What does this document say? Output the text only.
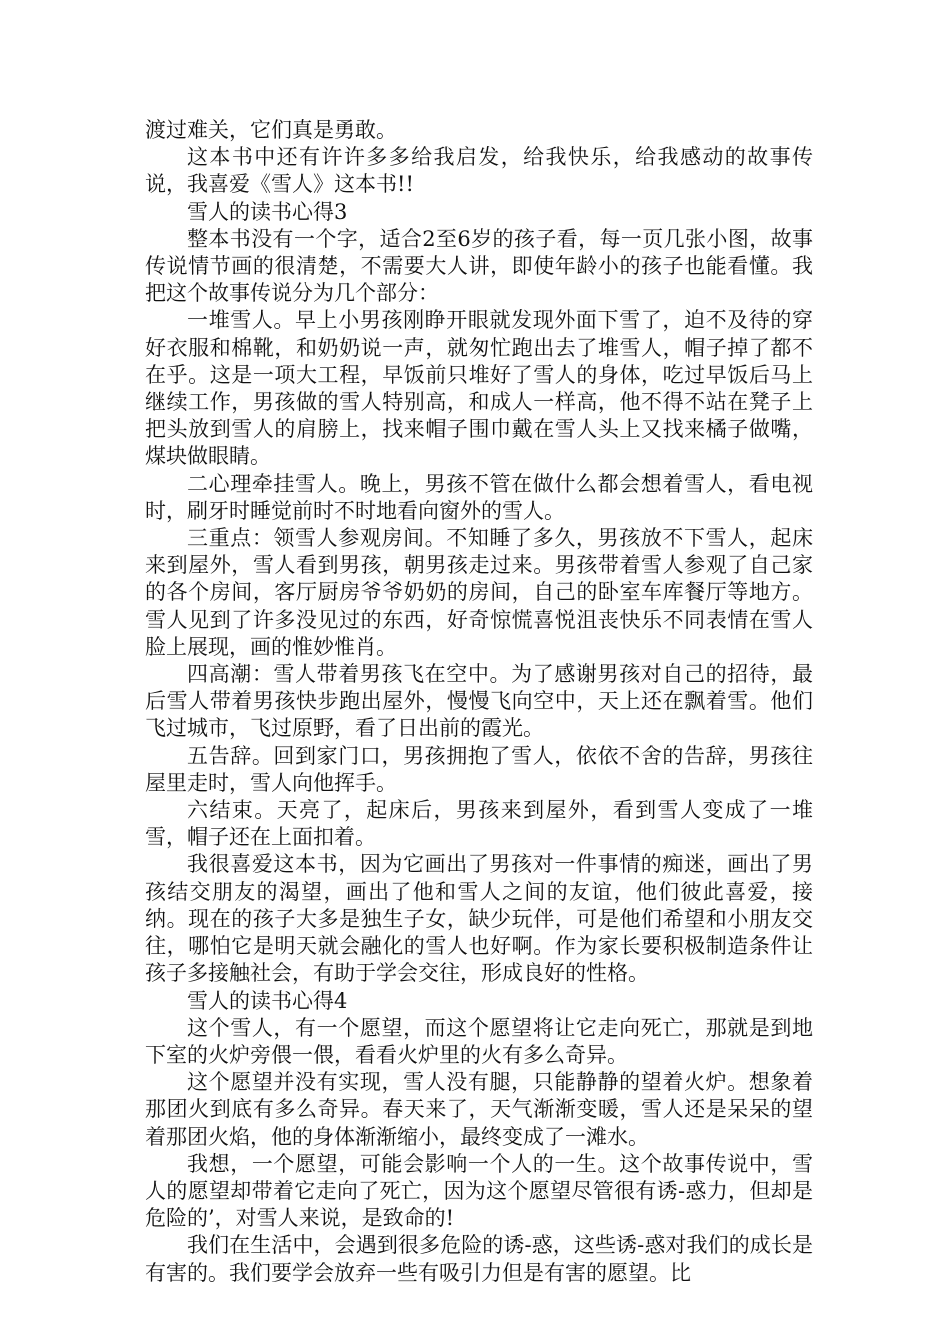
渡过难关，它们真是勇敢。

这本书中还有许许多多给我启发，给我快乐，给我感动的故事传说，我喜爱《雪人》这本书!!

雪人的读书心得3

整本书没有一个字，适合2至6岁的孩子看，每一页几张小图，故事传说情节画的很清楚，不需要大人讲，即使年龄小的孩子也能看懂。我把这个故事传说分为几个部分：

一堆雪人。早上小男孩刚睁开眼就发现外面下雪了，迫不及待的穿好衣服和棉靴，和奶奶说一声，就匆忙跑出去了堆雪人，帽子掉了都不在乎。这是一项大工程，早饭前只堆好了雪人的身体，吃过早饭后马上继续工作，男孩做的雪人特别高，和成人一样高，他不得不站在凳子上把头放到雪人的肩膀上，找来帽子围巾戴在雪人头上又找来橘子做嘴，煤块做眼睛。

二心理牵挂雪人。晚上，男孩不管在做什么都会想着雪人，看电视时，刷牙时睡觉前时不时地看向窗外的雪人。

三重点：领雪人参观房间。不知睡了多久，男孩放不下雪人，起床来到屋外，雪人看到男孩，朝男孩走过来。男孩带着雪人参观了自己家的各个房间，客厅厨房爷爷奶奶的房间，自己的卧室车库餐厅等地方。雪人见到了许多没见过的东西，好奇惊慌喜悦沮丧快乐不同表情在雪人脸上展现，画的惟妙惟肖。

四高潮：雪人带着男孩飞在空中。为了感谢男孩对自己的招待，最后雪人带着男孩快步跑出屋外，慢慢飞向空中，天上还在飘着雪。他们飞过城市，飞过原野，看了日出前的霞光。

五告辞。回到家门口，男孩拥抱了雪人，依依不舍的告辞，男孩往屋里走时，雪人向他挥手。

六结束。天亮了，起床后，男孩来到屋外，看到雪人变成了一堆雪，帽子还在上面扣着。

我很喜爱这本书，因为它画出了男孩对一件事情的痴迷，画出了男孩结交朋友的渴望，画出了他和雪人之间的友谊，他们彼此喜爱，接纳。现在的孩子大多是独生子女，缺少玩伴，可是他们希望和小朋友交往，哪怕它是明天就会融化的雪人也好啊。作为家长要积极制造条件让孩子多接触社会，有助于学会交往，形成良好的性格。

雪人的读书心得4

这个雪人，有一个愿望，而这个愿望将让它走向死亡，那就是到地下室的火炉旁偎一偎，看看火炉里的火有多么奇异。

这个愿望并没有实现，雪人没有腿，只能静静的望着火炉。想象着那团火到底有多么奇异。春天来了，天气渐渐变暖，雪人还是呆呆的望着那团火焰，他的身体渐渐缩小，最终变成了一滩水。

我想，一个愿望，可能会影响一个人的一生。这个故事传说中，雪人的愿望却带着它走向了死亡，因为这个愿望尽管很有诱-惑力，但却是危险的’，对雪人来说，是致命的!

我们在生活中，会遇到很多危险的诱-惑，这些诱-惑对我们的成长是有害的。我们要学会放弃一些有吸引力但是有害的愿望。比
